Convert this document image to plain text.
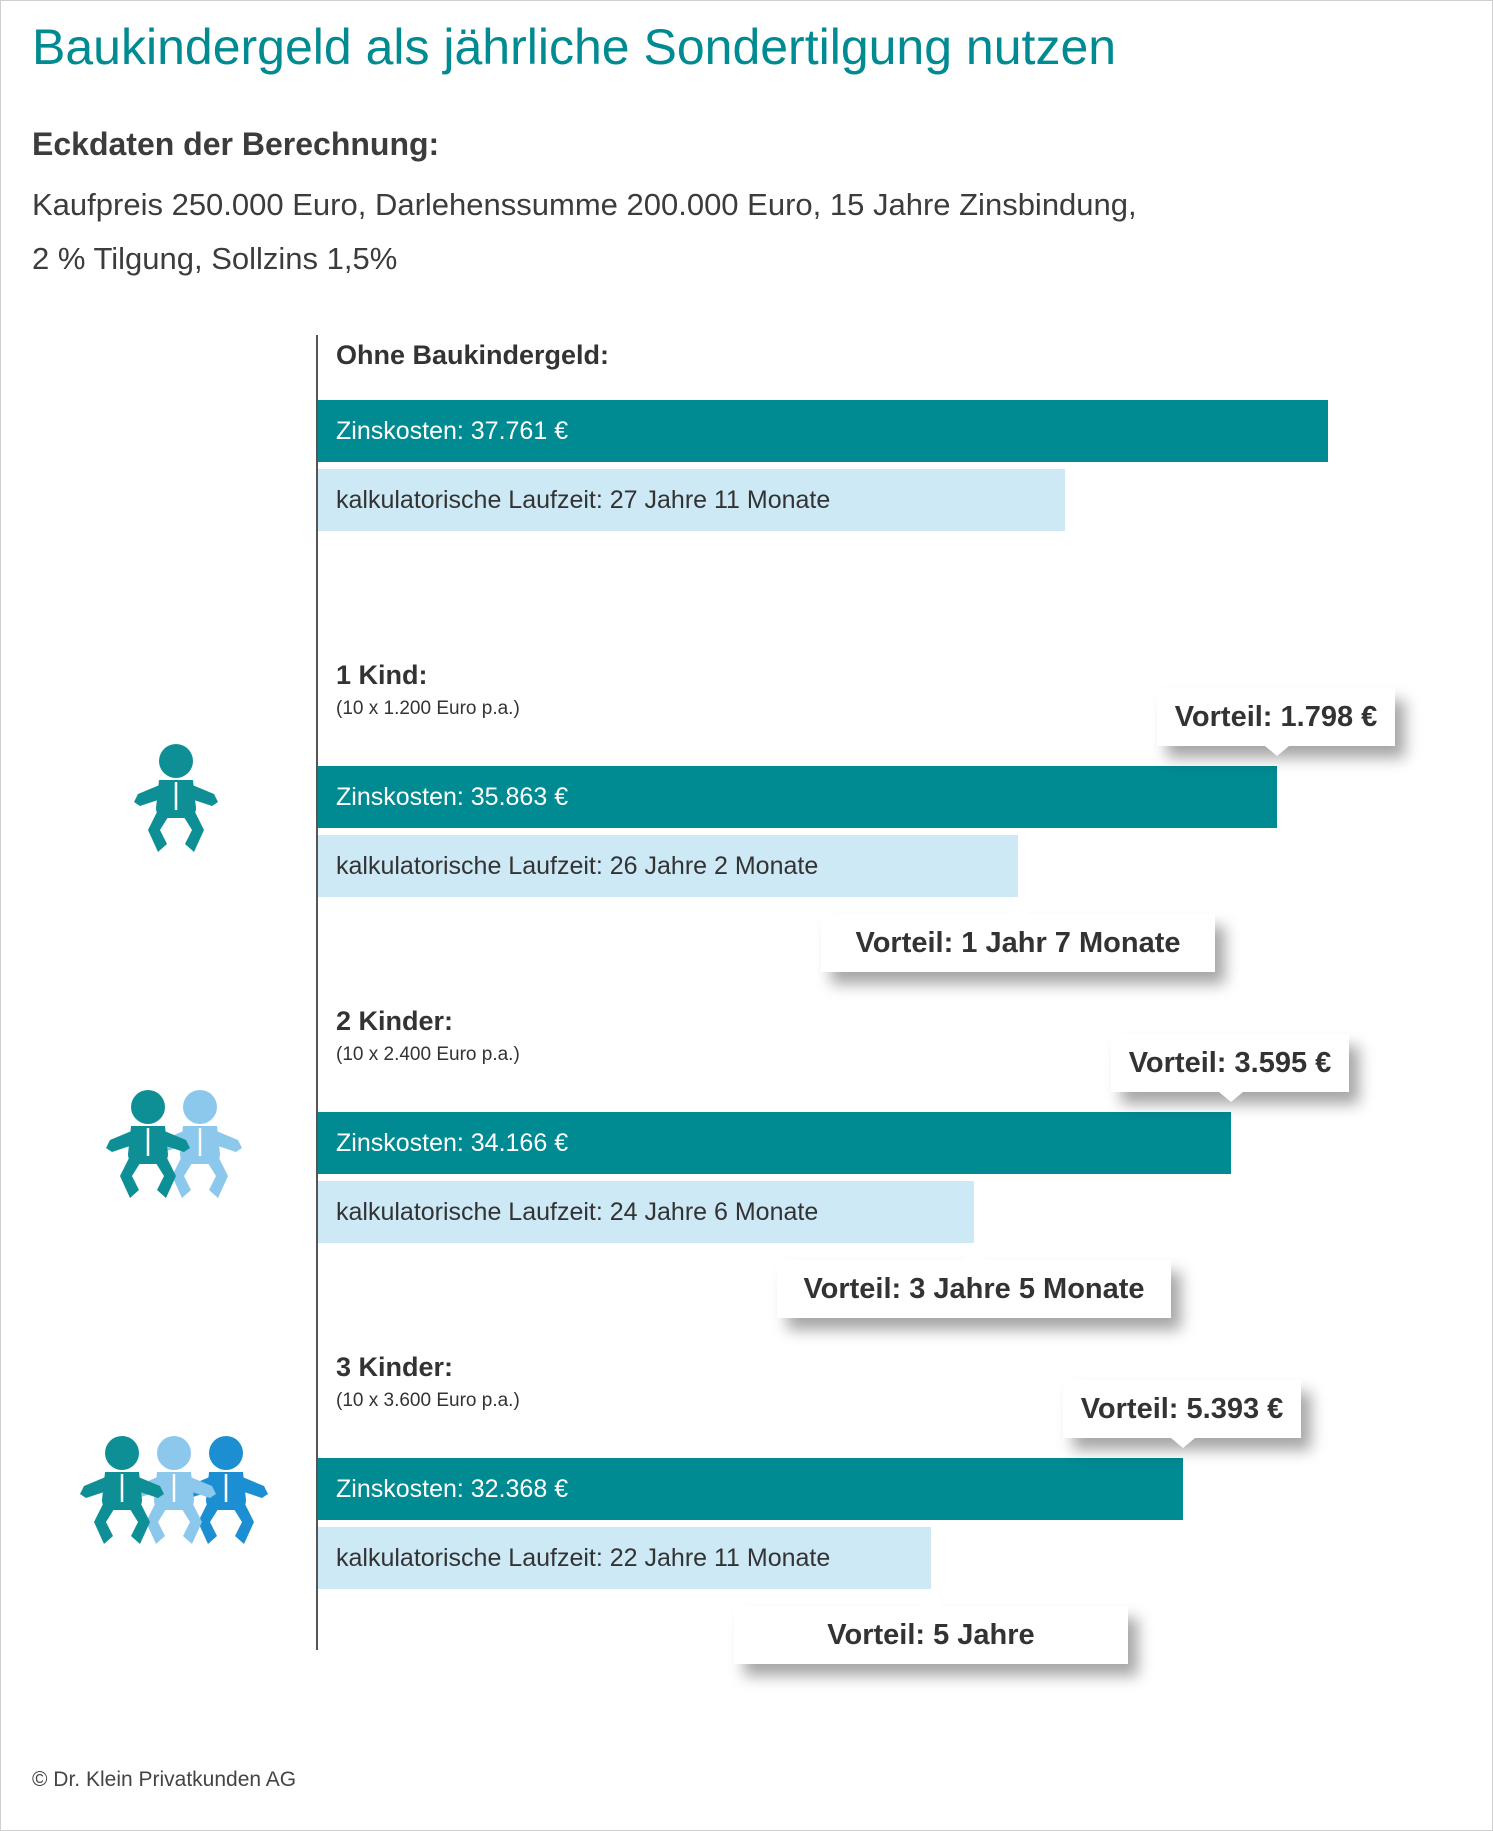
Baukindergeld als jährliche Sondertilgung nutzen
Eckdaten der Berechnung:
Kaufpreis 250.000 Euro, Darlehenssumme 200.000 Euro, 15 Jahre Zinsbindung,
2 % Tilgung, Sollzins 1,5%
Ohne Baukindergeld:
Zinskosten: 37.761 €
kalkulatorische Laufzeit: 27 Jahre 11 Monate
1 Kind:
(10 x 1.200 Euro p.a.)
Zinskosten: 35.863 €
kalkulatorische Laufzeit: 26 Jahre 2 Monate
Vorteil: 1.798 €
Vorteil: 1 Jahr 7 Monate
2 Kinder:
(10 x 2.400 Euro p.a.)
Zinskosten: 34.166 €
kalkulatorische Laufzeit: 24 Jahre 6 Monate
Vorteil: 3.595 €
Vorteil: 3 Jahre 5 Monate
3 Kinder:
(10 x 3.600 Euro p.a.)
Zinskosten: 32.368 €
kalkulatorische Laufzeit: 22 Jahre 11 Monate
Vorteil: 5.393 €
Vorteil: 5 Jahre
© Dr. Klein Privatkunden AG
